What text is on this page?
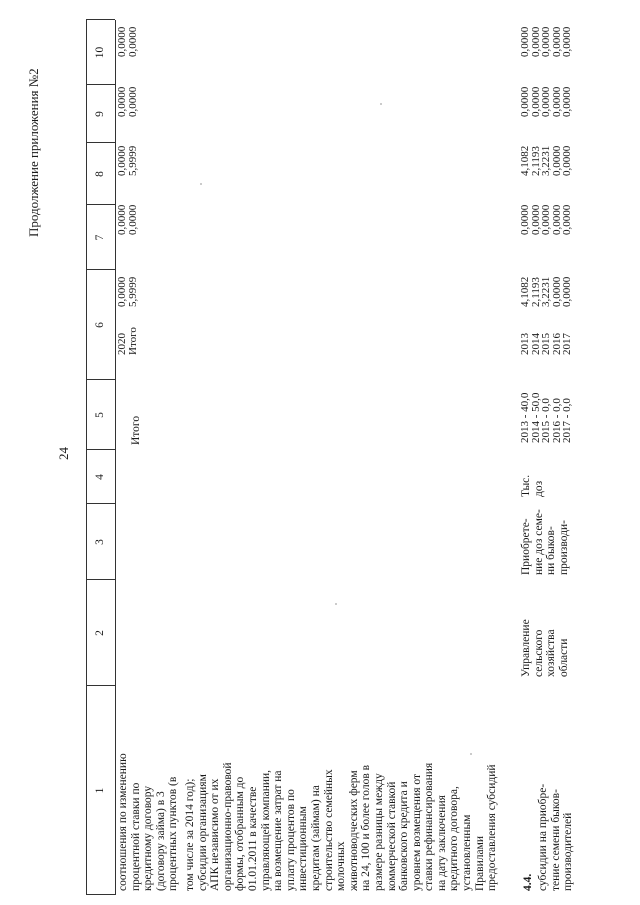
24
Продолжение приложения №2
1
2
3
4
5
6
7
8
9
10
соотношения по изменению процентной ставки по кредитному договору (договору займа) в 3 процентных пунктов (в том числе за 2014 год); субсидии организациям АПК независимо от их организационно-правовой формы, отобранным до 01.01.2011 в качестве управляющей компании, на возмещение затрат на уплату процентов по инвестиционным кредитам (займам) на строительство семейных молочных животноводческих ферм на 24, 100 и более голов в размере разницы между коммерческой ставкой банковского кредита и уровнем возмещения от ставки рефинансирования на дату заключения кредитного договора, установленным Правилами предоставления субсидий
Итого
2020
Итого
0,0000
5,9999
0,0000
0,0000
0,0000
5,9999
0,0000
0,0000
0,0000
0,0000
4.4. субсидии на приобре- тение семени быков- производителей
Управление сельского хозяйства области
Приобрете- ние доз семе- ни быков- производи-
Тыс. доз
2013 - 40,0
2014 - 50,0
2015 - 0,0
2016 - 0,0
2017 - 0,0
2013
2014
2015
2016
2017
4,1082
2,1193
3,2231
0,0000
0,0000
0,0000
0,0000
0,0000
0,0000
0,0000
4,1082
2,1193
3,2231
0,0000
0,0000
0,0000
0,0000
0,0000
0,0000
0,0000
0,0000
0,0000
0,0000
0,0000
0,0000
